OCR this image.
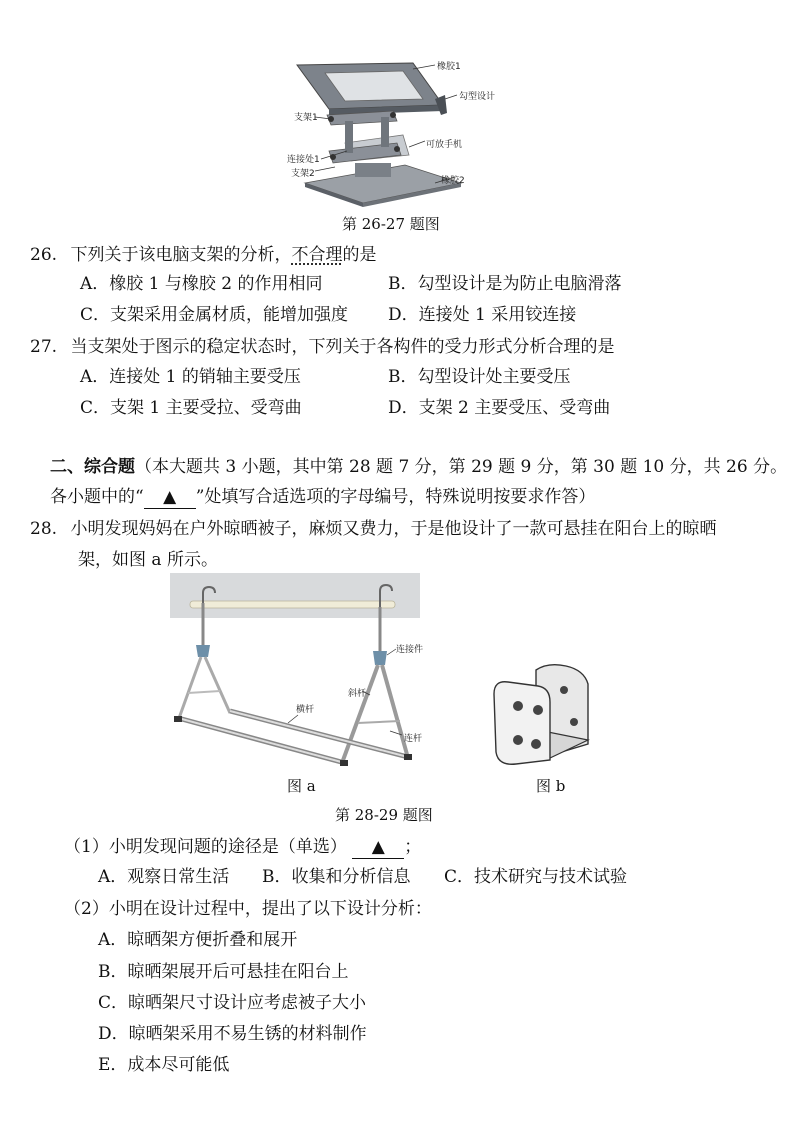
橡胶1
勾型设计
支架1
可放手机
连接处1
支架2
橡胶2
第 26-27 题图
26. 下列关于该电脑支架的分析，不合理的是
A．橡胶 1 与橡胶 2 的作用相同	B．勾型设计是为防止电脑滑落
C．支架采用金属材质，能增加强度 D．连接处 1 采用铰连接
27. 当支架处于图示的稳定状态时，下列关于各构件的受力形式分析合理的是
A．连接处 1 的销轴主要受压	B．勾型设计处主要受压
C．支架 1 主要受拉、受弯曲	D．支架 2 主要受压、受弯曲
二、综合题（本大题共 3 小题，其中第 28 题 7 分，第 29 题 9 分，第 30 题 10 分，共 26 分。
各小题中的“ ▲ ”处填写合适选项的字母编号，特殊说明按要求作答）
28. 小明发现妈妈在户外晾晒被子，麻烦又费力，于是他设计了一款可悬挂在阳台上的晾晒
架，如图 a 所示。
连接件
斜杆
横杆
连杆
图 a	图 b
第 28-29 题图
（1）小明发现问题的途径是（单选） ▲ ；
A．观察日常生活 B．收集和分析信息 C．技术研究与技术试验
（2）小明在设计过程中，提出了以下设计分析：
A．晾晒架方便折叠和展开
B．晾晒架展开后可悬挂在阳台上
C．晾晒架尺寸设计应考虑被子大小
D．晾晒架采用不易生锈的材料制作
E．成本尽可能低
